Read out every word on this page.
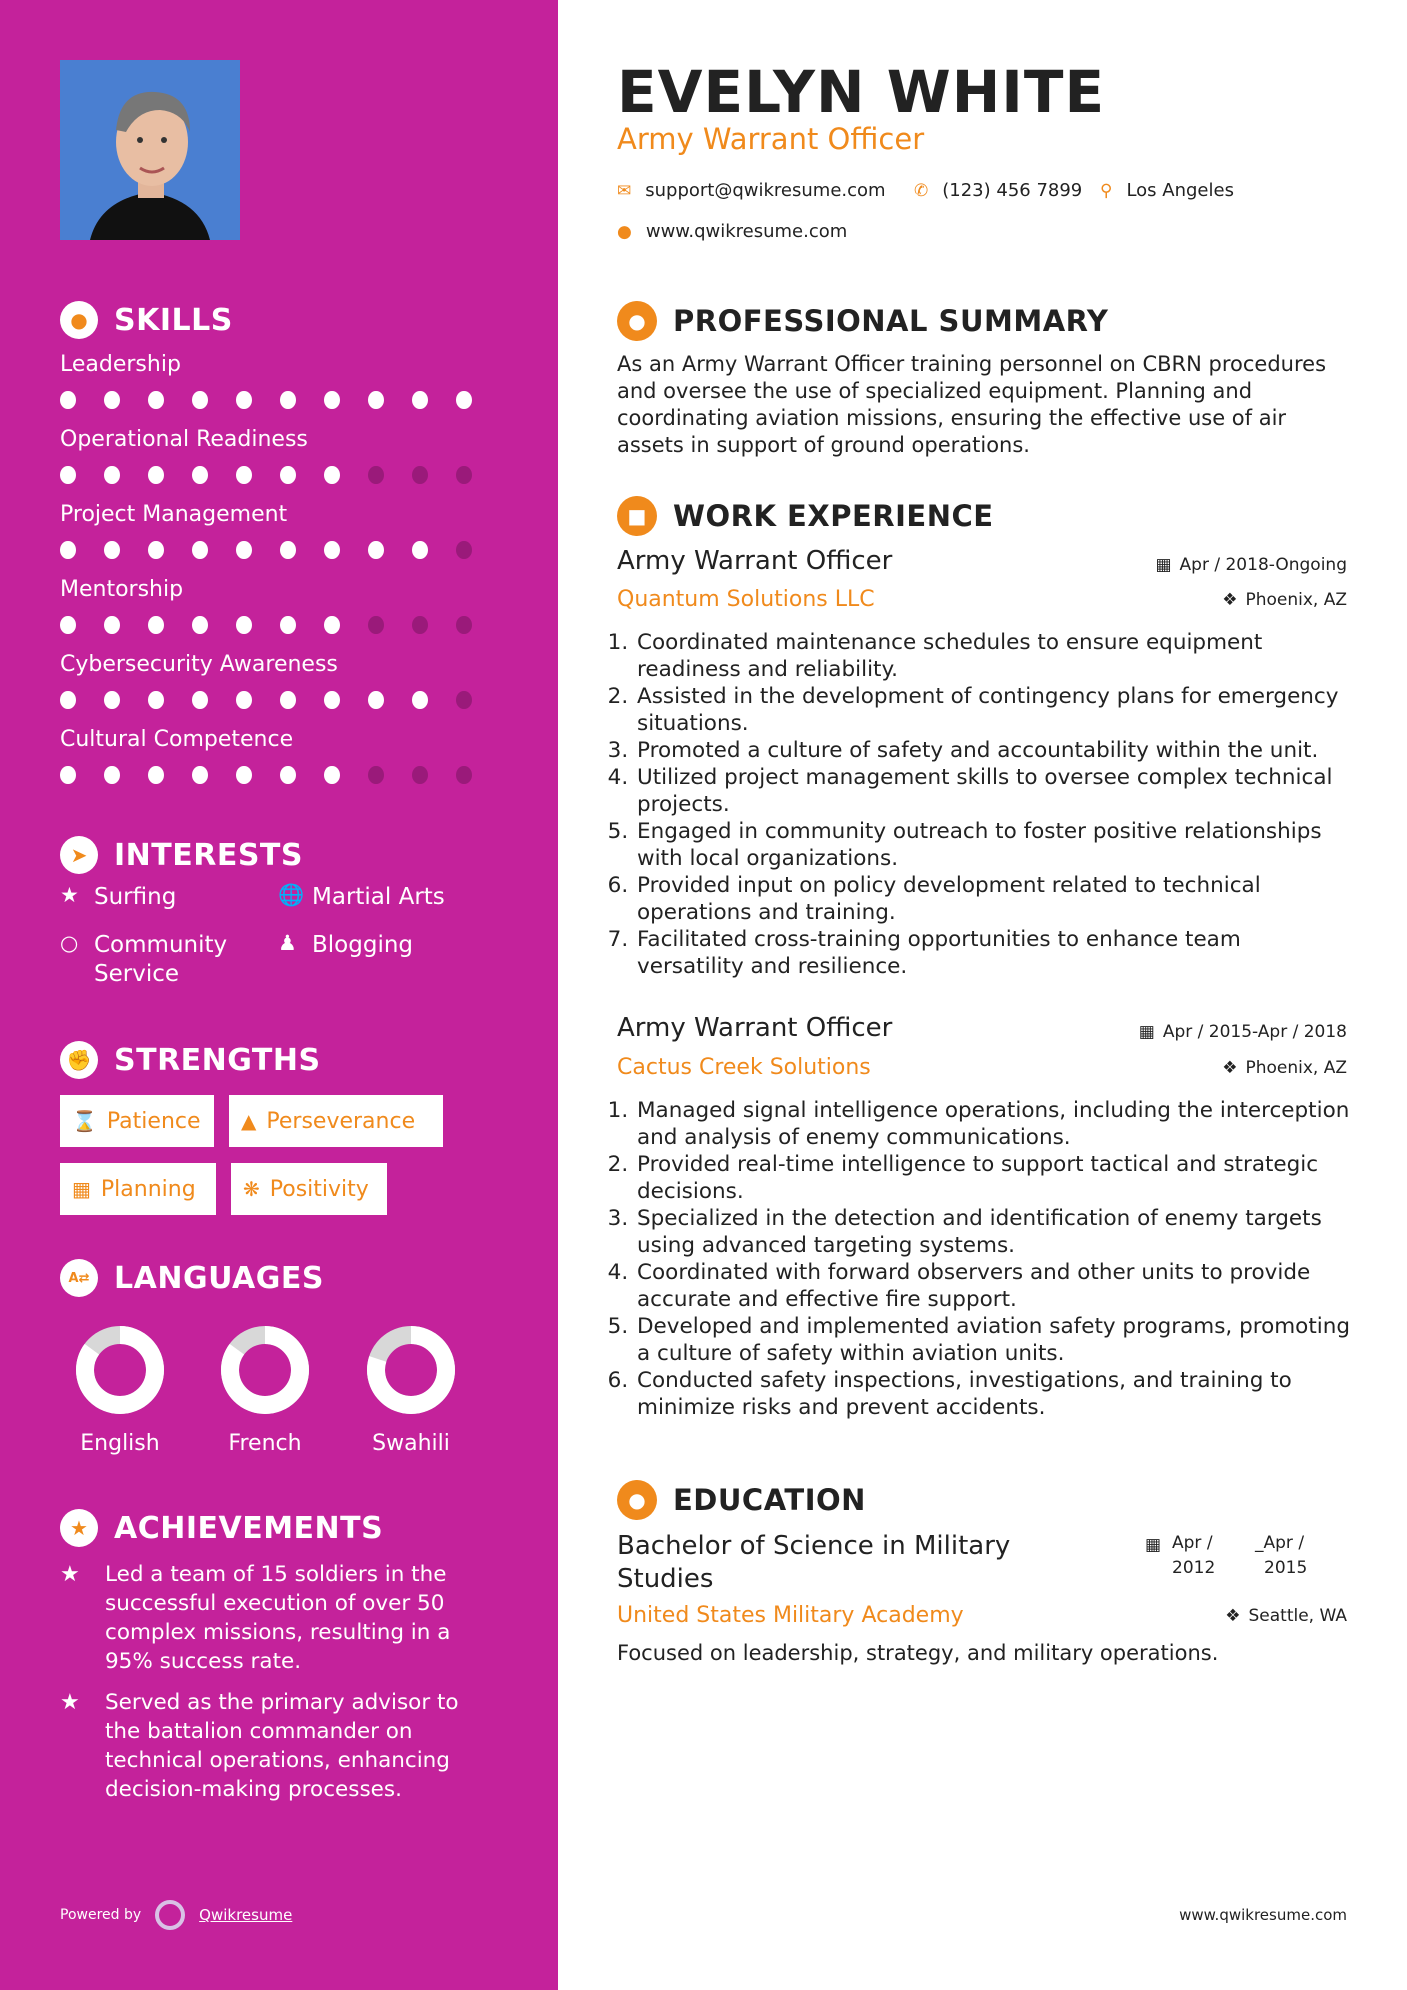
● SKILLS
Leadership
Operational Readiness
Project Management
Mentorship
Cybersecurity Awareness
Cultural Competence
➤ INTERESTS
★ Surfing	🌐 Martial Arts
○ Community Service
♟ Blogging
✊ STRENGTHS
⌛ Patience ▲ Perseverance
▦ Planning ❋ Positivity
A⇄ LANGUAGES
English	French	Swahili
★ ACHIEVEMENTS
★	Led a team of 15 soldiers in the successful execution of over 50 complex missions, resulting in a 95% success rate.
★	Served as the primary advisor to the battalion commander on technical operations, enhancing decision-making processes.
Powered by	Qwikresume
EVELYN WHITE
Army Warrant Officer
✉ support@qwikresume.com ✆ (123) 456 7899 ⚲ Los Angeles
● www.qwikresume.com
● PROFESSIONAL SUMMARY
As an Army Warrant Officer training personnel on CBRN procedures and oversee the use of specialized equipment. Planning and coordinating aviation missions, ensuring the effective use of air assets in support of ground operations.
■ WORK EXPERIENCE
Army Warrant Officer	▦ Apr / 2018-Ongoing
Quantum Solutions LLC	❖ Phoenix, AZ
1. Coordinated maintenance schedules to ensure equipment readiness and reliability.
2. Assisted in the development of contingency plans for emergency situations.
3. Promoted a culture of safety and accountability within the unit.
4. Utilized project management skills to oversee complex technical projects.
5. Engaged in community outreach to foster positive relationships with local organizations.
6. Provided input on policy development related to technical operations and training.
7. Facilitated cross-training opportunities to enhance team versatility and resilience.
Army Warrant Officer	▦ Apr / 2015-Apr / 2018
Cactus Creek Solutions	❖ Phoenix, AZ
1. Managed signal intelligence operations, including the interception and analysis of enemy communications.
2. Provided real-time intelligence to support tactical and strategic decisions.
3. Specialized in the detection and identification of enemy targets using advanced targeting systems.
4. Coordinated with forward observers and other units to provide accurate and effective fire support.
5. Developed and implemented aviation safety programs, promoting a culture of safety within aviation units.
6. Conducted safety inspections, investigations, and training to minimize risks and prevent accidents.
● EDUCATION
Bachelor of Science in Military Studies
▦ Apr /
2012
_Apr /
2015
United States Military Academy	❖ Seattle, WA
Focused on leadership, strategy, and military operations.
www.qwikresume.com
